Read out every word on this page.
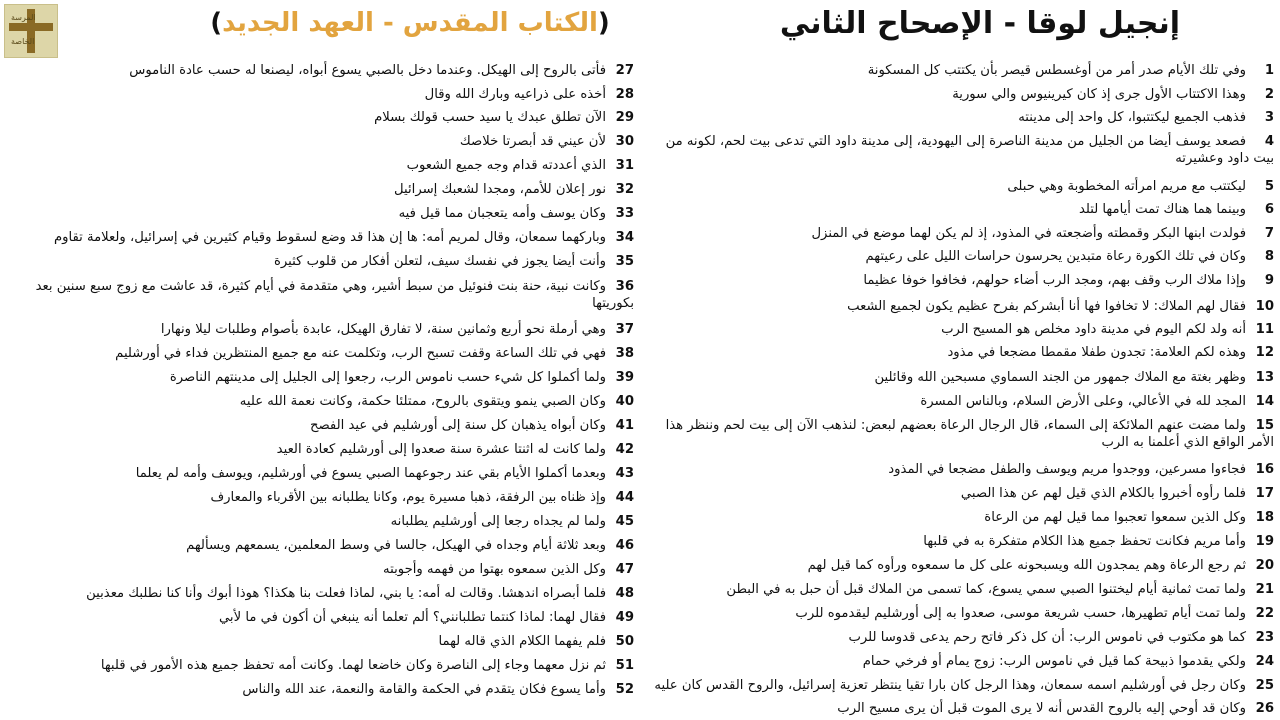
المرسة
الخاصة
(الكتاب المقدس - العهد الجديد)	إنجيل لوقا - الإصحاح الثاني
1وفي تلك الأيام صدر أمر من أوغسطس قيصر بأن يكتتب كل المسكونة
2وهذا الاكتتاب الأول جرى إذ كان كيرينيوس والي سورية
3فذهب الجميع ليكتتبوا، كل واحد إلى مدينته
4فصعد يوسف أيضا من الجليل من مدينة الناصرة إلى اليهودية، إلى مدينة داود التي تدعى بيت لحم، لكونه من بيت داود وعشيرته
5ليكتتب مع مريم امرأته المخطوبة وهي حبلى
6وبينما هما هناك تمت أيامها لتلد
7فولدت ابنها البكر وقمطته وأضجعته في المذود، إذ لم يكن لهما موضع في المنزل
8وكان في تلك الكورة رعاة متبدين يحرسون حراسات الليل على رعيتهم
9وإذا ملاك الرب وقف بهم، ومجد الرب أضاء حولهم، فخافوا خوفا عظيما
10فقال لهم الملاك: لا تخافوا فها أنا أبشركم بفرح عظيم يكون لجميع الشعب
11أنه ولد لكم اليوم في مدينة داود مخلص هو المسيح الرب
12وهذه لكم العلامة: تجدون طفلا مقمطا مضجعا في مذود
13وظهر بغتة مع الملاك جمهور من الجند السماوي مسبحين الله وقائلين
14المجد لله في الأعالي، وعلى الأرض السلام، وبالناس المسرة
15ولما مضت عنهم الملائكة إلى السماء، قال الرجال الرعاة بعضهم لبعض: لنذهب الآن إلى بيت لحم وننظر هذا الأمر الواقع الذي أعلمنا به الرب
16فجاءوا مسرعين، ووجدوا مريم ويوسف والطفل مضجعا في المذود
17فلما رأوه أخبروا بالكلام الذي قيل لهم عن هذا الصبي
18وكل الذين سمعوا تعجبوا مما قيل لهم من الرعاة
19وأما مريم فكانت تحفظ جميع هذا الكلام متفكرة به في قلبها
20ثم رجع الرعاة وهم يمجدون الله ويسبحونه على كل ما سمعوه ورأوه كما قيل لهم
21ولما تمت ثمانية أيام ليختنوا الصبي سمي يسوع، كما تسمى من الملاك قبل أن حبل به في البطن
22ولما تمت أيام تطهيرها، حسب شريعة موسى، صعدوا به إلى أورشليم ليقدموه للرب
23كما هو مكتوب في ناموس الرب: أن كل ذكر فاتح رحم يدعى قدوسا للرب
24ولكي يقدموا ذبيحة كما قيل في ناموس الرب: زوج يمام أو فرخي حمام
25وكان رجل في أورشليم اسمه سمعان، وهذا الرجل كان بارا تقيا ينتظر تعزية إسرائيل، والروح القدس كان عليه
26وكان قد أوحي إليه بالروح القدس أنه لا يرى الموت قبل أن يرى مسيح الرب
27فأتى بالروح إلى الهيكل. وعندما دخل بالصبي يسوع أبواه، ليصنعا له حسب عادة الناموس
28أخذه على ذراعيه وبارك الله وقال
29الآن تطلق عبدك يا سيد حسب قولك بسلام
30لأن عيني قد أبصرتا خلاصك
31الذي أعددته قدام وجه جميع الشعوب
32نور إعلان للأمم، ومجدا لشعبك إسرائيل
33وكان يوسف وأمه يتعجبان مما قيل فيه
34وباركهما سمعان، وقال لمريم أمه: ها إن هذا قد وضع لسقوط وقيام كثيرين في إسرائيل، ولعلامة تقاوم
35وأنت أيضا يجوز في نفسك سيف، لتعلن أفكار من قلوب كثيرة
36وكانت نبية، حنة بنت فنوئيل من سبط أشير، وهي متقدمة في أيام كثيرة، قد عاشت مع زوج سبع سنين بعد بكوريتها
37وهي أرملة نحو أربع وثمانين سنة، لا تفارق الهيكل، عابدة بأصوام وطلبات ليلا ونهارا
38فهي في تلك الساعة وقفت تسبح الرب، وتكلمت عنه مع جميع المنتظرين فداء في أورشليم
39ولما أكملوا كل شيء حسب ناموس الرب، رجعوا إلى الجليل إلى مدينتهم الناصرة
40وكان الصبي ينمو ويتقوى بالروح، ممتلئا حكمة، وكانت نعمة الله عليه
41وكان أبواه يذهبان كل سنة إلى أورشليم في عيد الفصح
42ولما كانت له اثنتا عشرة سنة صعدوا إلى أورشليم كعادة العيد
43وبعدما أكملوا الأيام بقي عند رجوعهما الصبي يسوع في أورشليم، ويوسف وأمه لم يعلما
44وإذ ظناه بين الرفقة، ذهبا مسيرة يوم، وكانا يطلبانه بين الأقرباء والمعارف
45ولما لم يجداه رجعا إلى أورشليم يطلبانه
46وبعد ثلاثة أيام وجداه في الهيكل، جالسا في وسط المعلمين، يسمعهم ويسألهم
47وكل الذين سمعوه بهتوا من فهمه وأجوبته
48فلما أبصراه اندهشا. وقالت له أمه: يا بني، لماذا فعلت بنا هكذا؟ هوذا أبوك وأنا كنا نطلبك معذبين
49فقال لهما: لماذا كنتما تطلبانني؟ ألم تعلما أنه ينبغي أن أكون في ما لأبي
50فلم يفهما الكلام الذي قاله لهما
51ثم نزل معهما وجاء إلى الناصرة وكان خاضعا لهما. وكانت أمه تحفظ جميع هذه الأمور في قلبها
52وأما يسوع فكان يتقدم في الحكمة والقامة والنعمة، عند الله والناس
